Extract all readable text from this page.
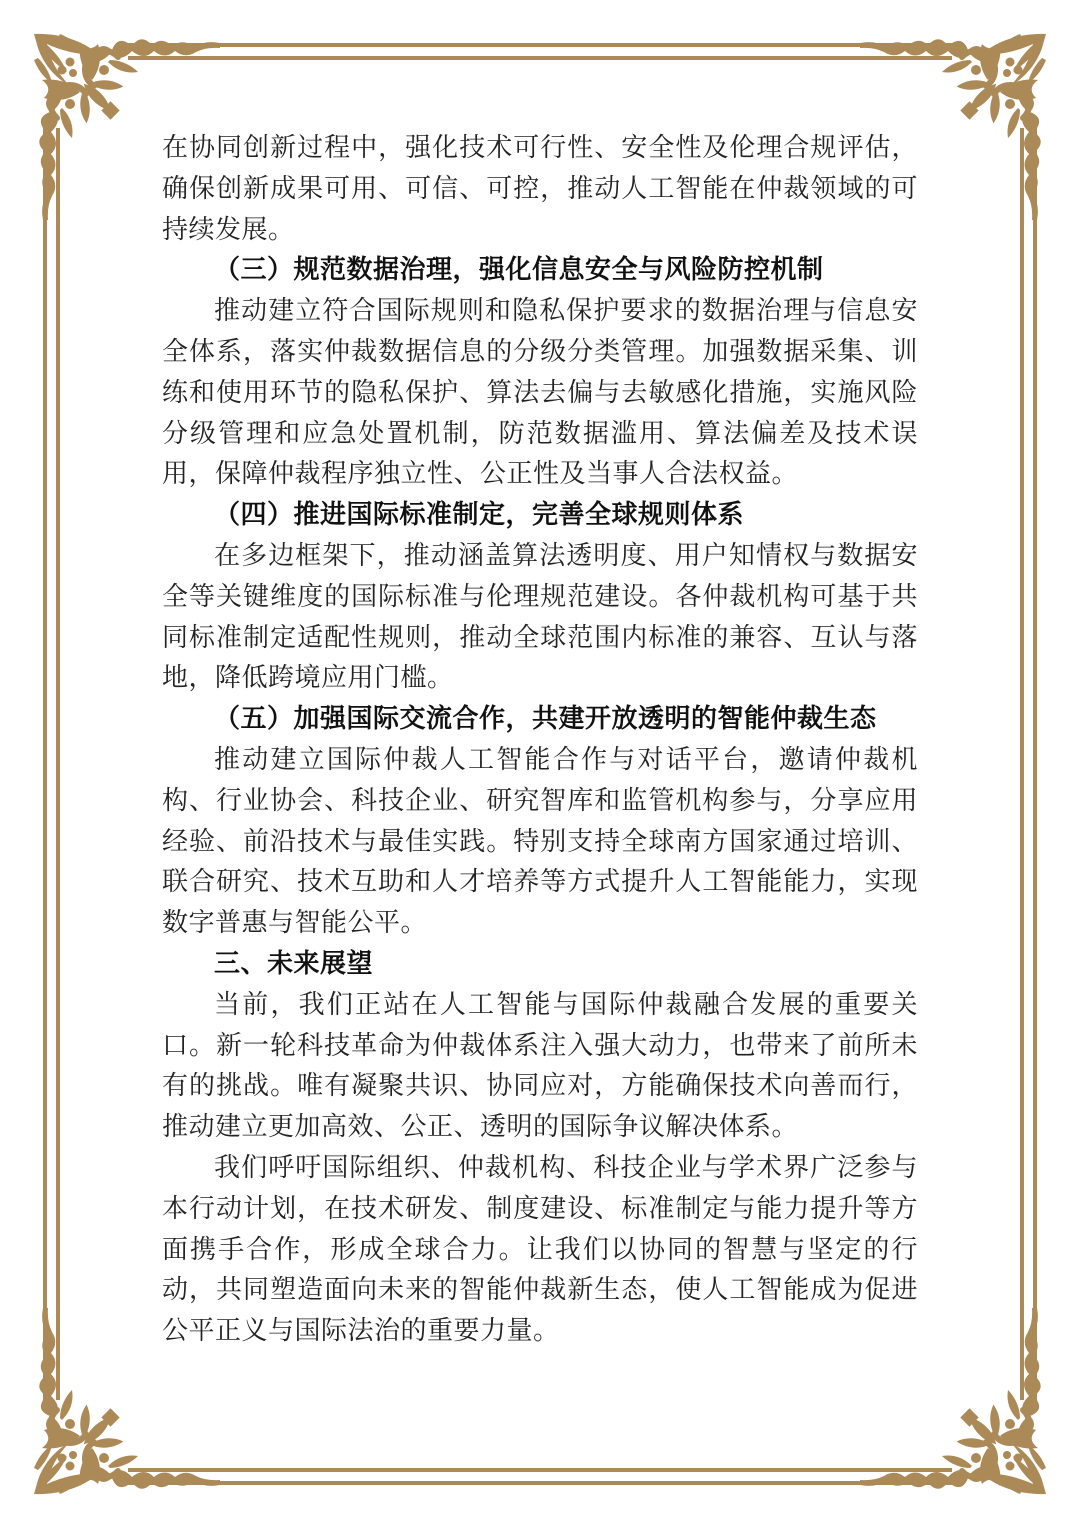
在协同创新过程中，强化技术可行性、安全性及伦理合规评估，确保创新成果可用、可信、可控，推动人工智能在仲裁领域的可持续发展。

（三）规范数据治理，强化信息安全与风险防控机制

推动建立符合国际规则和隐私保护要求的数据治理与信息安全体系，落实仲裁数据信息的分级分类管理。加强数据采集、训练和使用环节的隐私保护、算法去偏与去敏感化措施，实施风险分级管理和应急处置机制，防范数据滥用、算法偏差及技术误用，保障仲裁程序独立性、公正性及当事人合法权益。

（四）推进国际标准制定，完善全球规则体系

在多边框架下，推动涵盖算法透明度、用户知情权与数据安全等关键维度的国际标准与伦理规范建设。各仲裁机构可基于共同标准制定适配性规则，推动全球范围内标准的兼容、互认与落地，降低跨境应用门槛。

（五）加强国际交流合作，共建开放透明的智能仲裁生态

推动建立国际仲裁人工智能合作与对话平台，邀请仲裁机构、行业协会、科技企业、研究智库和监管机构参与，分享应用经验、前沿技术与最佳实践。特别支持全球南方国家通过培训、联合研究、技术互助和人才培养等方式提升人工智能能力，实现数字普惠与智能公平。

三、未来展望

当前，我们正站在人工智能与国际仲裁融合发展的重要关口。新一轮科技革命为仲裁体系注入强大动力，也带来了前所未有的挑战。唯有凝聚共识、协同应对，方能确保技术向善而行，推动建立更加高效、公正、透明的国际争议解决体系。

我们呼吁国际组织、仲裁机构、科技企业与学术界广泛参与本行动计划，在技术研发、制度建设、标准制定与能力提升等方面携手合作，形成全球合力。让我们以协同的智慧与坚定的行动，共同塑造面向未来的智能仲裁新生态，使人工智能成为促进公平正义与国际法治的重要力量。
